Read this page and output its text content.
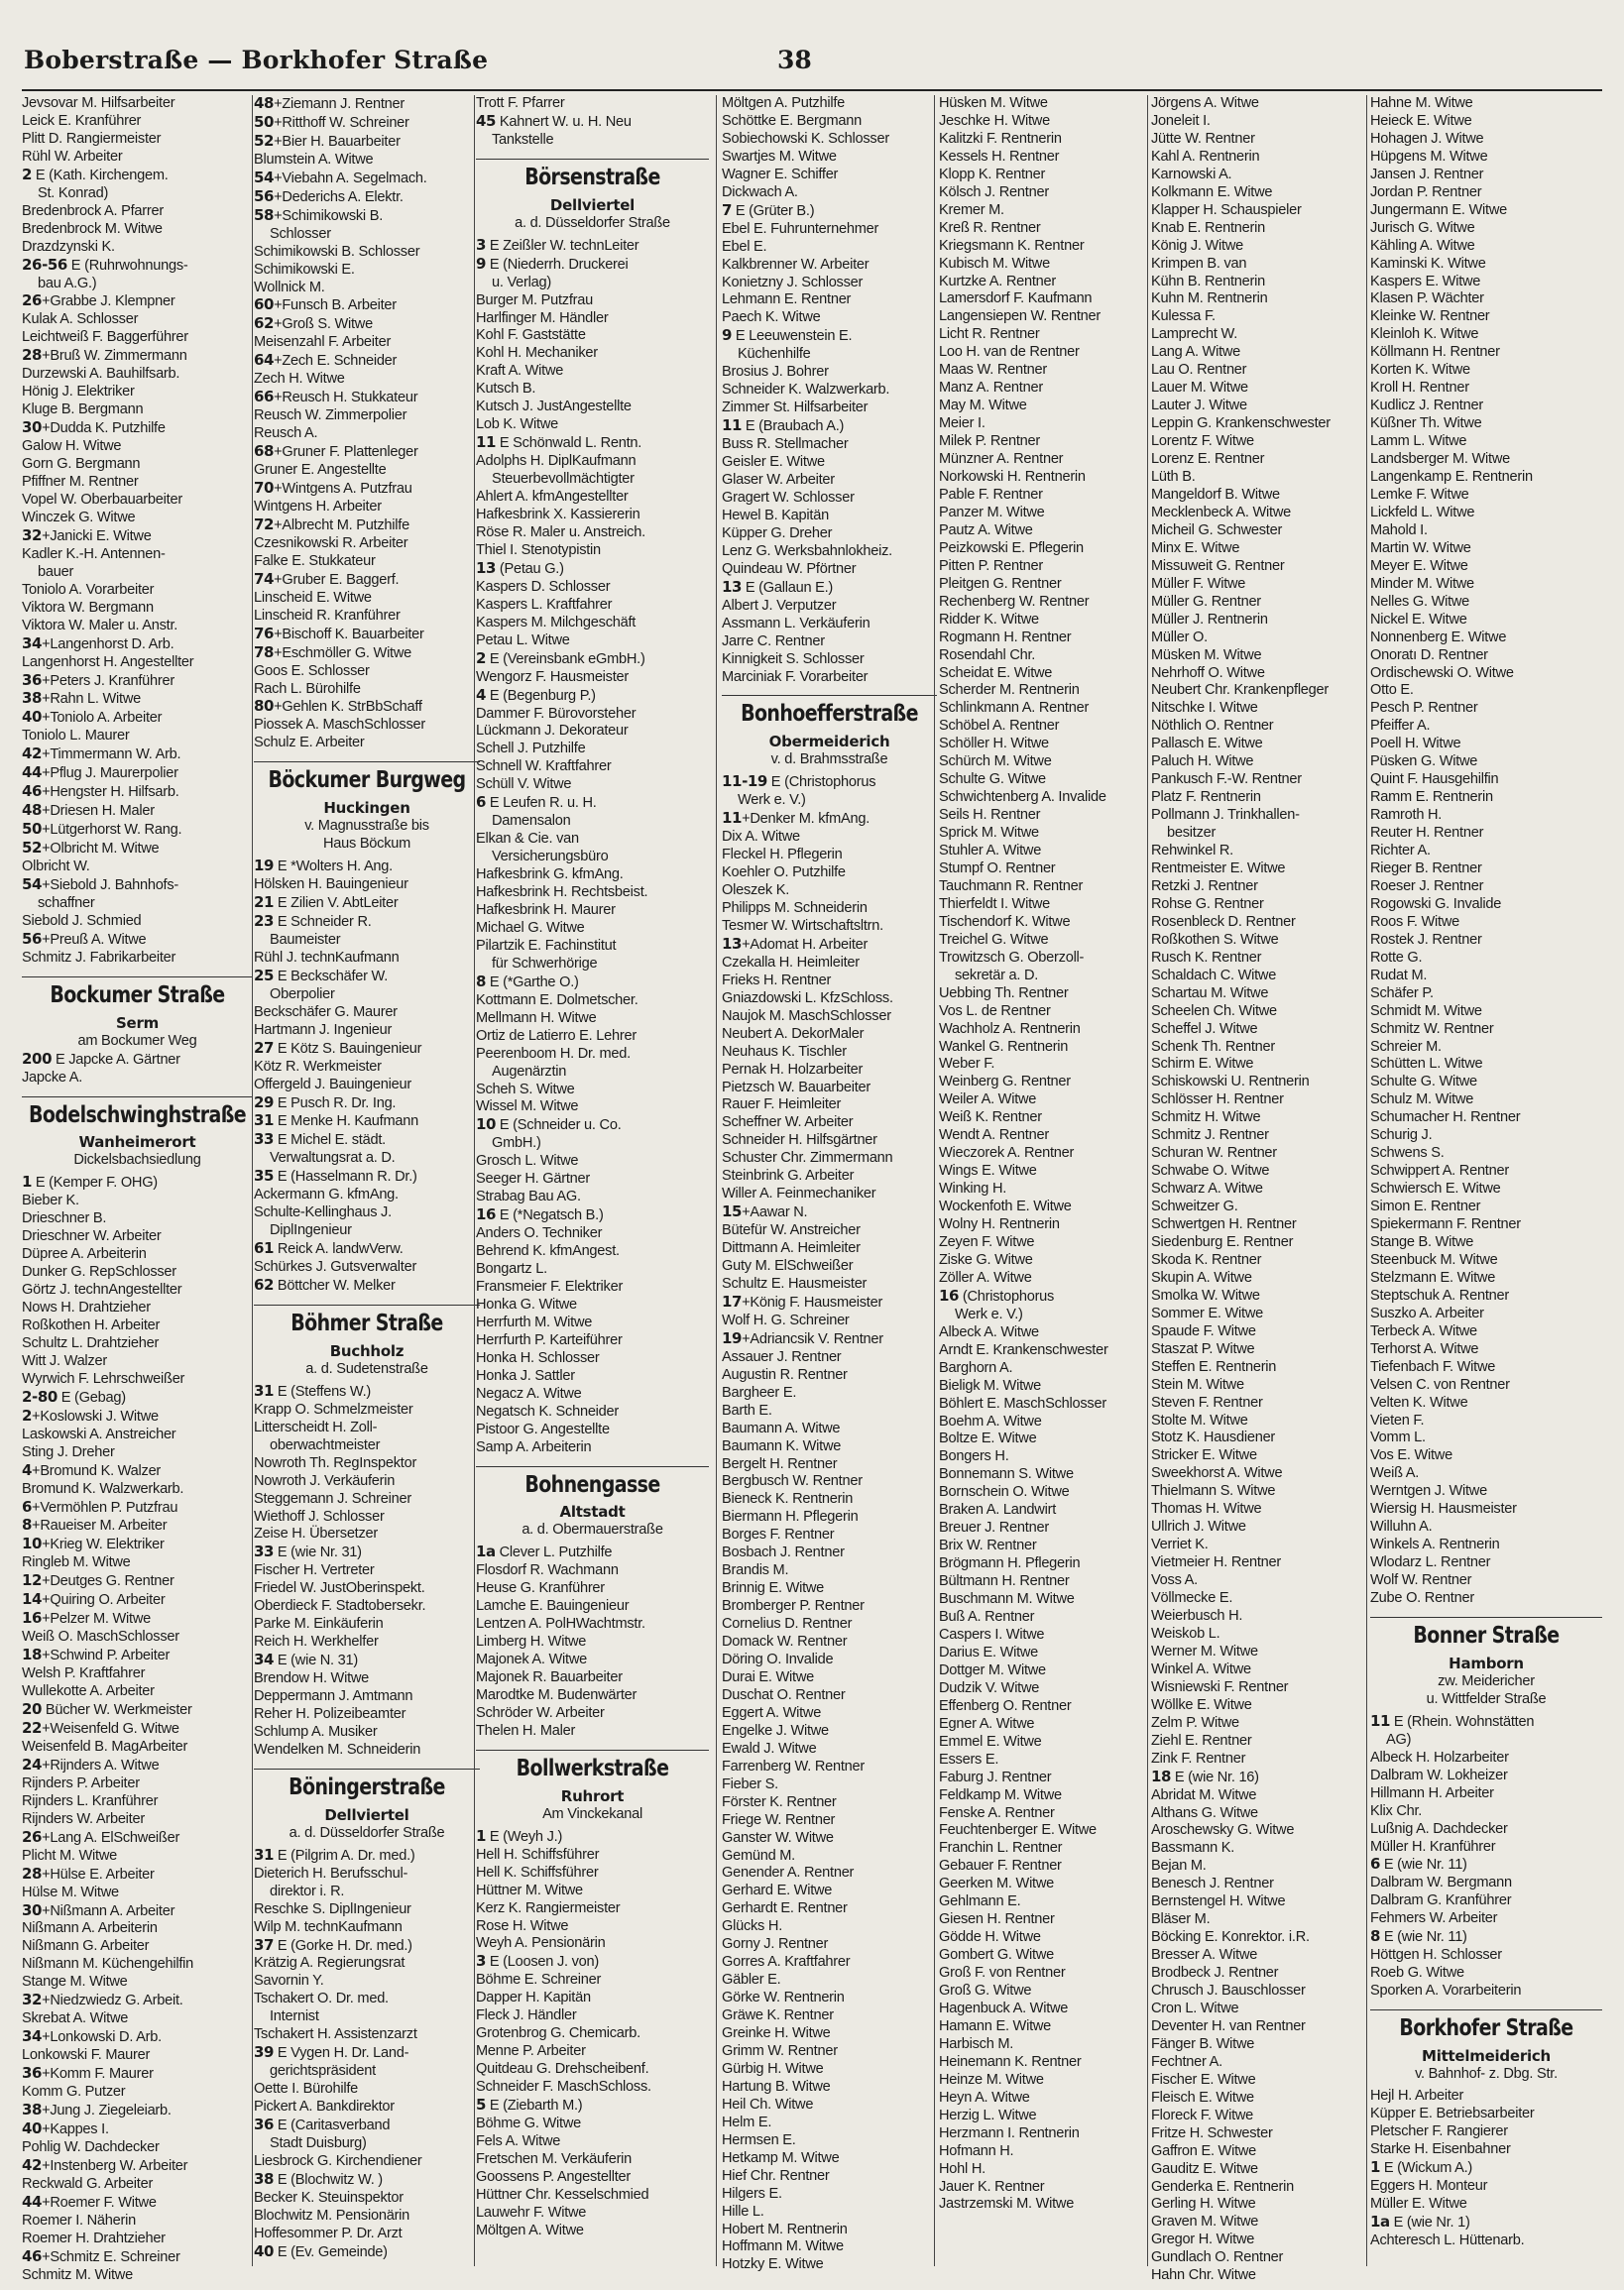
Boberstraße — Borkhofer Straße	38
Jevsovar M. Hilfsarbeiter
Leick E. Kranführer
Plitt D. Rangiermeister
Rühl W. Arbeiter
2 E (Kath. Kirchengem.
St. Konrad)
Bredenbrock A. Pfarrer
Bredenbrock M. Witwe
Drazdzynski K.
26-56 E (Ruhrwohnungs-
bau A.G.)
26+Grabbe J. Klempner
Kulak A. Schlosser
Leichtweiß F. Baggerführer
28+Bruß W. Zimmermann
Durzewski A. Bauhilfsarb.
Hönig J. Elektriker
Kluge B. Bergmann
30+Dudda K. Putzhilfe
Galow H. Witwe
Gorn G. Bergmann
Pfiffner M. Rentner
Vopel W. Oberbauarbeiter
Winczek G. Witwe
32+Janicki E. Witwe
Kadler K.-H. Antennen-
bauer
Toniolo A. Vorarbeiter
Viktora W. Bergmann
Viktora W. Maler u. Anstr.
34+Langenhorst D. Arb.
Langenhorst H. Angestellter
36+Peters J. Kranführer
38+Rahn L. Witwe
40+Toniolo A. Arbeiter
Toniolo L. Maurer
42+Timmermann W. Arb.
44+Pflug J. Maurerpolier
46+Hengster H. Hilfsarb.
48+Driesen H. Maler
50+Lütgerhorst W. Rang.
52+Olbricht M. Witwe
Olbricht W.
54+Siebold J. Bahnhofs-
schaffner
Siebold J. Schmied
56+Preuß A. Witwe
Schmitz J. Fabrikarbeiter
Bockumer Straße
Serm
am Bockumer Weg
200 E Japcke A. Gärtner
Japcke A.
Bodelschwinghstraße
Wanheimerort
Dickelsbachsiedlung
1 E (Kemper F. OHG)
Bieber K.
Drieschner B.
Drieschner W. Arbeiter
Düpree A. Arbeiterin
Dunker G. RepSchlosser
Görtz J. technAngestellter
Nows H. Drahtzieher
Roßkothen H. Arbeiter
Schultz L. Drahtzieher
Witt J. Walzer
Wyrwich F. Lehrschweißer
2-80 E (Gebag)
2+Koslowski J. Witwe
Laskowski A. Anstreicher
Sting J. Dreher
4+Bromund K. Walzer
Bromund K. Walzwerkarb.
6+Vermöhlen P. Putzfrau
8+Raueiser M. Arbeiter
10+Krieg W. Elektriker
Ringleb M. Witwe
12+Deutges G. Rentner
14+Quiring O. Arbeiter
16+Pelzer M. Witwe
Weiß O. MaschSchlosser
18+Schwind P. Arbeiter
Welsh P. Kraftfahrer
Wullekotte A. Arbeiter
20 Bücher W. Werkmeister
22+Weisenfeld G. Witwe
Weisenfeld B. MagArbeiter
24+Rijnders A. Witwe
Rijnders P. Arbeiter
Rijnders L. Kranführer
Rijnders W. Arbeiter
26+Lang A. ElSchweißer
Plicht M. Witwe
28+Hülse E. Arbeiter
Hülse M. Witwe
30+Nißmann A. Arbeiter
Nißmann A. Arbeiterin
Nißmann G. Arbeiter
Nißmann M. Küchengehilfin
Stange M. Witwe
32+Niedzwiedz G. Arbeit.
Skrebat A. Witwe
34+Lonkowski D. Arb.
Lonkowski F. Maurer
36+Komm F. Maurer
Komm G. Putzer
38+Jung J. Ziegeleiarb.
40+Kappes I.
Pohlig W. Dachdecker
42+Instenberg W. Arbeiter
Reckwald G. Arbeiter
44+Roemer F. Witwe
Roemer I. Näherin
Roemer H. Drahtzieher
46+Schmitz E. Schreiner
Schmitz M. Witwe
48+Ziemann J. Rentner
50+Ritthoff W. Schreiner
52+Bier H. Bauarbeiter
Blumstein A. Witwe
54+Viebahn A. Segelmach.
56+Dederichs A. Elektr.
58+Schimikowski B.
Schlosser
Schimikowski B. Schlosser
Schimikowski E.
Wollnick M.
60+Funsch B. Arbeiter
62+Groß S. Witwe
Meisenzahl F. Arbeiter
64+Zech E. Schneider
Zech H. Witwe
66+Reusch H. Stukkateur
Reusch W. Zimmerpolier
Reusch A.
68+Gruner F. Plattenleger
Gruner E. Angestellte
70+Wintgens A. Putzfrau
Wintgens H. Arbeiter
72+Albrecht M. Putzhilfe
Czesnikowski R. Arbeiter
Falke E. Stukkateur
74+Gruber E. Baggerf.
Linscheid E. Witwe
Linscheid R. Kranführer
76+Bischoff K. Bauarbeiter
78+Eschmöller G. Witwe
Goos E. Schlosser
Rach L. Bürohilfe
80+Gehlen K. StrBbSchaff
Piossek A. MaschSchlosser
Schulz E. Arbeiter
Böckumer Burgweg
Huckingen
v. Magnusstraße bis
Haus Böckum
19 E *Wolters H. Ang.
Hölsken H. Bauingenieur
21 E Zilien V. AbtLeiter
23 E Schneider R.
Baumeister
Rühl J. technKaufmann
25 E Beckschäfer W.
Oberpolier
Beckschäfer G. Maurer
Hartmann J. Ingenieur
27 E Kötz S. Bauingenieur
Kötz R. Werkmeister
Offergeld J. Bauingenieur
29 E Pusch R. Dr. Ing.
31 E Menke H. Kaufmann
33 E Michel E. städt.
Verwaltungsrat a. D.
35 E (Hasselmann R. Dr.)
Ackermann G. kfmAng.
Schulte-Kellinghaus J.
DiplIngenieur
61 Reick A. landwVerw.
Schürkes J. Gutsverwalter
62 Böttcher W. Melker
Böhmer Straße
Buchholz
a. d. Sudetenstraße
31 E (Steffens W.)
Krapp O. Schmelzmeister
Litterscheidt H. Zoll-
oberwachtmeister
Nowroth Th. RegInspektor
Nowroth J. Verkäuferin
Steggemann J. Schreiner
Wiethoff J. Schlosser
Zeise H. Übersetzer
33 E (wie Nr. 31)
Fischer H. Vertreter
Friedel W. JustOberinspekt.
Oberdieck F. Stadtobersekr.
Parke M. Einkäuferin
Reich H. Werkhelfer
34 E (wie N. 31)
Brendow H. Witwe
Deppermann J. Amtmann
Reher H. Polizeibeamter
Schlump A. Musiker
Wendelken M. Schneiderin
Böningerstraße
Dellviertel
a. d. Düsseldorfer Straße
31 E (Pilgrim A. Dr. med.)
Dieterich H. Berufsschul-
direktor i. R.
Reschke S. DiplIngenieur
Wilp M. technKaufmann
37 E (Gorke H. Dr. med.)
Krätzig A. Regierungsrat
Savornin Y.
Tschakert O. Dr. med.
Internist
Tschakert H. Assistenzarzt
39 E Vygen H. Dr. Land-
gerichtspräsident
Oette I. Bürohilfe
Pickert A. Bankdirektor
36 E (Caritasverband
Stadt Duisburg)
Liesbrock G. Kirchendiener
38 E (Blochwitz W. )
Becker K. Steuinspektor
Blochwitz M. Pensionärin
Hoffesommer P. Dr. Arzt
40 E (Ev. Gemeinde)
Trott F. Pfarrer
45 Kahnert W. u. H. Neu
Tankstelle
Börsenstraße
Dellviertel
a. d. Düsseldorfer Straße
3 E Zeißler W. technLeiter
9 E (Niederrh. Druckerei
u. Verlag)
Burger M. Putzfrau
Harlfinger M. Händler
Kohl F. Gaststätte
Kohl H. Mechaniker
Kraft A. Witwe
Kutsch B.
Kutsch J. JustAngestellte
Lob K. Witwe
11 E Schönwald L. Rentn.
Adolphs H. DiplKaufmann
Steuerbevollmächtigter
Ahlert A. kfmAngestellter
Hafkesbrink X. Kassiererin
Röse R. Maler u. Anstreich.
Thiel I. Stenotypistin
13 (Petau G.)
Kaspers D. Schlosser
Kaspers L. Kraftfahrer
Kaspers M. Milchgeschäft
Petau L. Witwe
2 E (Vereinsbank eGmbH.)
Wengorz F. Hausmeister
4 E (Begenburg P.)
Dammer F. Bürovorsteher
Lückmann J. Dekorateur
Schell J. Putzhilfe
Schnell W. Kraftfahrer
Schüll V. Witwe
6 E Leufen R. u. H.
Damensalon
Elkan & Cie. van
Versicherungsbüro
Hafkesbrink G. kfmAng.
Hafkesbrink H. Rechtsbeist.
Hafkesbrink H. Maurer
Michael G. Witwe
Pilartzik E. Fachinstitut
für Schwerhörige
8 E (*Garthe O.)
Kottmann E. Dolmetscher.
Mellmann H. Witwe
Ortiz de Latierro E. Lehrer
Peerenboom H. Dr. med.
Augenärztin
Scheh S. Witwe
Wissel M. Witwe
10 E (Schneider u. Co.
GmbH.)
Grosch L. Witwe
Seeger H. Gärtner
Strabag Bau AG.
16 E (*Negatsch B.)
Anders O. Techniker
Behrend K. kfmAngest.
Bongartz L.
Fransmeier F. Elektriker
Honka G. Witwe
Herrfurth M. Witwe
Herrfurth P. Karteiführer
Honka H. Schlosser
Honka J. Sattler
Negacz A. Witwe
Negatsch K. Schneider
Pistoor G. Angestellte
Samp A. Arbeiterin
Bohnengasse
Altstadt
a. d. Obermauerstraße
1a Clever L. Putzhilfe
Flosdorf R. Wachmann
Heuse G. Kranführer
Lamche E. Bauingenieur
Lentzen A. PolHWachtmstr.
Limberg H. Witwe
Majonek A. Witwe
Majonek R. Bauarbeiter
Marodtke M. Budenwärter
Schröder W. Arbeiter
Thelen H. Maler
Bollwerkstraße
Ruhrort
Am Vinckekanal
1 E (Weyh J.)
Hell H. Schiffsführer
Hell K. Schiffsführer
Hüttner M. Witwe
Kerz K. Rangiermeister
Rose H. Witwe
Weyh A. Pensionärin
3 E (Loosen J. von)
Böhme E. Schreiner
Dapper H. Kapitän
Fleck J. Händler
Grotenbrog G. Chemicarb.
Menne P. Arbeiter
Quitdeau G. Drehscheibenf.
Schneider F. MaschSchloss.
5 E (Ziebarth M.)
Böhme G. Witwe
Fels A. Witwe
Fretschen M. Verkäuferin
Goossens P. Angestellter
Hüttner Chr. Kesselschmied
Lauwehr F. Witwe
Möltgen A. Witwe
Möltgen A. Putzhilfe
Schöttke E. Bergmann
Sobiechowski K. Schlosser
Swartjes M. Witwe
Wagner E. Schiffer
Dickwach A.
7 E (Grüter B.)
Ebel E. Fuhrunternehmer
Ebel E.
Kalkbrenner W. Arbeiter
Konietzny J. Schlosser
Lehmann E. Rentner
Paech K. Witwe
9 E Leeuwenstein E.
Küchenhilfe
Brosius J. Bohrer
Schneider K. Walzwerkarb.
Zimmer St. Hilfsarbeiter
11 E (Braubach A.)
Buss R. Stellmacher
Geisler E. Witwe
Glaser W. Arbeiter
Gragert W. Schlosser
Hewel B. Kapitän
Küpper G. Dreher
Lenz G. Werksbahnlokheiz.
Quindeau W. Pförtner
13 E (Gallaun E.)
Albert J. Verputzer
Assmann L. Verkäuferin
Jarre C. Rentner
Kinnigkeit S. Schlosser
Marciniak F. Vorarbeiter
Bonhoefferstraße
Obermeiderich
v. d. Brahmsstraße
11-19 E (Christophorus
Werk e. V.)
11+Denker M. kfmAng.
Dix A. Witwe
Fleckel H. Pflegerin
Koehler O. Putzhilfe
Oleszek K.
Philipps M. Schneiderin
Tesmer W. Wirtschaftsltrn.
13+Adomat H. Arbeiter
Czekalla H. Heimleiter
Frieks H. Rentner
Gniazdowski L. KfzSchloss.
Naujok M. MaschSchlosser
Neubert A. DekorMaler
Neuhaus K. Tischler
Pernak H. Holzarbeiter
Pietzsch W. Bauarbeiter
Rauer F. Heimleiter
Scheffner W. Arbeiter
Schneider H. Hilfsgärtner
Schuster Chr. Zimmermann
Steinbrink G. Arbeiter
Willer A. Feinmechaniker
15+Aawar N.
Bütefür W. Anstreicher
Dittmann A. Heimleiter
Guty M. ElSchweißer
Schultz E. Hausmeister
17+König F. Hausmeister
Wolf H. G. Schreiner
19+Adriancsik V. Rentner
Assauer J. Rentner
Augustin R. Rentner
Bargheer E.
Barth E.
Baumann A. Witwe
Baumann K. Witwe
Bergelt H. Rentner
Bergbusch W. Rentner
Bieneck K. Rentnerin
Biermann H. Pflegerin
Borges F. Rentner
Bosbach J. Rentner
Brandis M.
Brinnig E. Witwe
Bromberger P. Rentner
Cornelius D. Rentner
Domack W. Rentner
Döring O. Invalide
Durai E. Witwe
Duschat O. Rentner
Eggert A. Witwe
Engelke J. Witwe
Ewald J. Witwe
Farrenberg W. Rentner
Fieber S.
Förster K. Rentner
Friege W. Rentner
Ganster W. Witwe
Gemünd M.
Genender A. Rentner
Gerhard E. Witwe
Gerhardt E. Rentner
Glücks H.
Gorny J. Rentner
Gorres A. Kraftfahrer
Gäbler E.
Görke W. Rentnerin
Gräwe K. Rentner
Greinke H. Witwe
Grimm W. Rentner
Gürbig H. Witwe
Hartung B. Witwe
Heil Ch. Witwe
Helm E.
Hermsen E.
Hetkamp M. Witwe
Hief Chr. Rentner
Hilgers E.
Hille L.
Hobert M. Rentnerin
Hoffmann M. Witwe
Hotzky E. Witwe
Hüsken M. Witwe
Jeschke H. Witwe
Kalitzki F. Rentnerin
Kessels H. Rentner
Klopp K. Rentner
Kölsch J. Rentner
Kremer M.
Kreß R. Rentner
Kriegsmann K. Rentner
Kubisch M. Witwe
Kurtzke A. Rentner
Lamersdorf F. Kaufmann
Langensiepen W. Rentner
Licht R. Rentner
Loo H. van de Rentner
Maas W. Rentner
Manz A. Rentner
May M. Witwe
Meier I.
Milek P. Rentner
Münzner A. Rentner
Norkowski H. Rentnerin
Pable F. Rentner
Panzer M. Witwe
Pautz A. Witwe
Peizkowski E. Pflegerin
Pitten P. Rentner
Pleitgen G. Rentner
Rechenberg W. Rentner
Ridder K. Witwe
Rogmann H. Rentner
Rosendahl Chr.
Scheidat E. Witwe
Scherder M. Rentnerin
Schlinkmann A. Rentner
Schöbel A. Rentner
Schöller H. Witwe
Schürch M. Witwe
Schulte G. Witwe
Schwichtenberg A. Invalide
Seils H. Rentner
Sprick M. Witwe
Stuhler A. Witwe
Stumpf O. Rentner
Tauchmann R. Rentner
Thierfeldt I. Witwe
Tischendorf K. Witwe
Treichel G. Witwe
Trowitzsch G. Oberzoll-
sekretär a. D.
Uebbing Th. Rentner
Vos L. de Rentner
Wachholz A. Rentnerin
Wankel G. Rentnerin
Weber F.
Weinberg G. Rentner
Weiler A. Witwe
Weiß K. Rentner
Wendt A. Rentner
Wieczorek A. Rentner
Wings E. Witwe
Winking H.
Wockenfoth E. Witwe
Wolny H. Rentnerin
Zeyen F. Witwe
Ziske G. Witwe
Zöller A. Witwe
16 (Christophorus
Werk e. V.)
Albeck A. Witwe
Arndt E. Krankenschwester
Barghorn A.
Bieligk M. Witwe
Böhlert E. MaschSchlosser
Boehm A. Witwe
Boltze E. Witwe
Bongers H.
Bonnemann S. Witwe
Bornschein O. Witwe
Braken A. Landwirt
Breuer J. Rentner
Brix W. Rentner
Brögmann H. Pflegerin
Bültmann H. Rentner
Buschmann M. Witwe
Buß A. Rentner
Caspers I. Witwe
Darius E. Witwe
Dottger M. Witwe
Dudzik V. Witwe
Effenberg O. Rentner
Egner A. Witwe
Emmel E. Witwe
Essers E.
Faburg J. Rentner
Feldkamp M. Witwe
Fenske A. Rentner
Feuchtenberger E. Witwe
Franchin L. Rentner
Gebauer F. Rentner
Geerken M. Witwe
Gehlmann E.
Giesen H. Rentner
Gödde H. Witwe
Gombert G. Witwe
Groß F. von Rentner
Groß G. Witwe
Hagenbuck A. Witwe
Hamann E. Witwe
Harbisch M.
Heinemann K. Rentner
Heinze M. Witwe
Heyn A. Witwe
Herzig L. Witwe
Herzmann I. Rentnerin
Hofmann H.
Hohl H.
Jauer K. Rentner
Jastrzemski M. Witwe
Jörgens A. Witwe
Joneleit I.
Jütte W. Rentner
Kahl A. Rentnerin
Karnowski A.
Kolkmann E. Witwe
Klapper H. Schauspieler
Knab E. Rentnerin
König J. Witwe
Krimpen B. van
Kühn B. Rentnerin
Kuhn M. Rentnerin
Kulessa F.
Lamprecht W.
Lang A. Witwe
Lau O. Rentner
Lauer M. Witwe
Lauter J. Witwe
Leppin G. Krankenschwester
Lorentz F. Witwe
Lorenz E. Rentner
Lüth B.
Mangeldorf B. Witwe
Mecklenbeck A. Witwe
Micheil G. Schwester
Minx E. Witwe
Missuweit G. Rentner
Müller F. Witwe
Müller G. Rentner
Müller J. Rentnerin
Müller O.
Müsken M. Witwe
Nehrhoff O. Witwe
Neubert Chr. Krankenpfleger
Nitschke I. Witwe
Nöthlich O. Rentner
Pallasch E. Witwe
Paluch H. Witwe
Pankusch F.-W. Rentner
Platz F. Rentnerin
Pollmann J. Trinkhallen-
besitzer
Rehwinkel R.
Rentmeister E. Witwe
Retzki J. Rentner
Rohse G. Rentner
Rosenbleck D. Rentner
Roßkothen S. Witwe
Rusch K. Rentner
Schaldach C. Witwe
Schartau M. Witwe
Scheelen Ch. Witwe
Scheffel J. Witwe
Schenk Th. Rentner
Schirm E. Witwe
Schiskowski U. Rentnerin
Schlösser H. Rentner
Schmitz H. Witwe
Schmitz J. Rentner
Schuran W. Rentner
Schwabe O. Witwe
Schwarz A. Witwe
Schweitzer G.
Schwertgen H. Rentner
Siedenburg E. Rentner
Skoda K. Rentner
Skupin A. Witwe
Smolka W. Witwe
Sommer E. Witwe
Spaude F. Witwe
Staszat P. Witwe
Steffen E. Rentnerin
Stein M. Witwe
Steven F. Rentner
Stolte M. Witwe
Stotz K. Hausdiener
Stricker E. Witwe
Sweekhorst A. Witwe
Thielmann S. Witwe
Thomas H. Witwe
Ullrich J. Witwe
Verriet K.
Vietmeier H. Rentner
Voss A.
Völlmecke E.
Weierbusch H.
Weiskob L.
Werner M. Witwe
Winkel A. Witwe
Wisniewski F. Rentner
Wöllke E. Witwe
Zelm P. Witwe
Ziehl E. Rentner
Zink F. Rentner
18 E (wie Nr. 16)
Abridat M. Witwe
Althans G. Witwe
Aroschewsky G. Witwe
Bassmann K.
Bejan M.
Benesch J. Rentner
Bernstengel H. Witwe
Bläser M.
Böcking E. Konrektor. i.R.
Bresser A. Witwe
Brodbeck J. Rentner
Chrusch J. Bauschlosser
Cron L. Witwe
Deventer H. van Rentner
Fänger B. Witwe
Fechtner A.
Fischer E. Witwe
Fleisch E. Witwe
Floreck F. Witwe
Fritze H. Schwester
Gaffron E. Witwe
Gauditz E. Witwe
Genderka E. Rentnerin
Gerling H. Witwe
Graven M. Witwe
Gregor H. Witwe
Gundlach O. Rentner
Hahn Chr. Witwe
Hahne M. Witwe
Heieck E. Witwe
Hohagen J. Witwe
Hüpgens M. Witwe
Jansen J. Rentner
Jordan P. Rentner
Jungermann E. Witwe
Jurisch G. Witwe
Kähling A. Witwe
Kaminski K. Witwe
Kaspers E. Witwe
Klasen P. Wächter
Kleinke W. Rentner
Kleinloh K. Witwe
Köllmann H. Rentner
Korten K. Witwe
Kroll H. Rentner
Kudlicz J. Rentner
Küßner Th. Witwe
Lamm L. Witwe
Landsberger M. Witwe
Langenkamp E. Rentnerin
Lemke F. Witwe
Lickfeld L. Witwe
Mahold I.
Martin W. Witwe
Meyer E. Witwe
Minder M. Witwe
Nelles G. Witwe
Nickel E. Witwe
Nonnenberg E. Witwe
Onoratı D. Rentner
Ordischewski O. Witwe
Otto E.
Pesch P. Rentner
Pfeiffer A.
Poell H. Witwe
Püsken G. Witwe
Quint F. Hausgehilfin
Ramm E. Rentnerin
Ramroth H.
Reuter H. Rentner
Richter A.
Rieger B. Rentner
Roeser J. Rentner
Rogowski G. Invalide
Roos F. Witwe
Rostek J. Rentner
Rotte G.
Rudat M.
Schäfer P.
Schmidt M. Witwe
Schmitz W. Rentner
Schreier M.
Schütten L. Witwe
Schulte G. Witwe
Schulz M. Witwe
Schumacher H. Rentner
Schurig J.
Schwens S.
Schwippert A. Rentner
Schwiersch E. Witwe
Simon E. Rentner
Spiekermann F. Rentner
Stange B. Witwe
Steenbuck M. Witwe
Stelzmann E. Witwe
Steptschuk A. Rentner
Suszko A. Arbeiter
Terbeck A. Witwe
Terhorst A. Witwe
Tiefenbach F. Witwe
Velsen C. von Rentner
Velten K. Witwe
Vieten F.
Vomm L.
Vos E. Witwe
Weiß A.
Werntgen J. Witwe
Wiersig H. Hausmeister
Willuhn A.
Winkels A. Rentnerin
Wlodarz L. Rentner
Wolf W. Rentner
Zube O. Rentner
Bonner Straße
Hamborn
zw. Meidericher
u. Wittfelder Straße
11 E (Rhein. Wohnstätten
AG)
Albeck H. Holzarbeiter
Dalbram W. Lokheizer
Hillmann H. Arbeiter
Klix Chr.
Lußnig A. Dachdecker
Müller H. Kranführer
6 E (wie Nr. 11)
Dalbram W. Bergmann
Dalbram G. Kranführer
Fehmers W. Arbeiter
8 E (wie Nr. 11)
Höttgen H. Schlosser
Roeb G. Witwe
Sporken A. Vorarbeiterin
Borkhofer Straße
Mittelmeiderich
v. Bahnhof- z. Dbg. Str.
Hejl H. Arbeiter
Küpper E. Betriebsarbeiter
Pletscher F. Rangierer
Starke H. Eisenbahner
1 E (Wickum A.)
Eggers H. Monteur
Müller E. Witwe
1a E (wie Nr. 1)
Achteresch L. Hüttenarb.
